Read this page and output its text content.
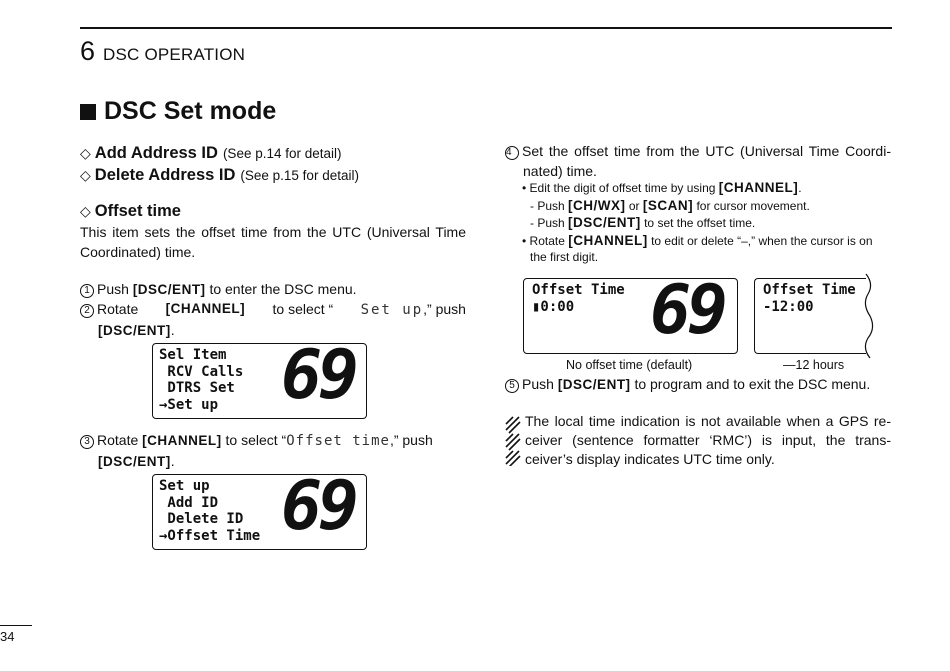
6 DSC OPERATION
DSC Set mode
◇ Add Address ID (See p.14 for detail)
◇ Delete Address ID (See p.15 for detail)
◇ Offset time
This item sets the offset time from the UTC (Universal Time
Coordinated) time.
1 Push [DSC/ENT] to enter the DSC menu.
2 Rotate [CHANNEL] to select “ Set up,” push
[DSC/ENT].
Sel Item
RCV Calls
DTRS Set
→Set up 69
3 Rotate [CHANNEL] to select “Offset time,” push
[DSC/ENT].
Set up
Add ID
Delete ID
→Offset Time 69
4 Set the offset time from the UTC (Universal Time Coordi-
nated) time.
• Edit the digit of offset time by using [CHANNEL].
- Push [CH/WX] or [SCAN] for cursor movement.
- Push [DSC/ENT] to set the offset time.
• Rotate [CHANNEL] to edit or delete “–,” when the cursor is on
the first digit.
Offset Time
▮0:00	69	Offset Time
-12:00
No offset time (default)	—12 hours
5 Push [DSC/ENT] to program and to exit the DSC menu.
The local time indication is not available when a GPS re-ceiver (sentence formatter ‘RMC’) is input, the trans-ceiver’s display indicates UTC time only.
34
